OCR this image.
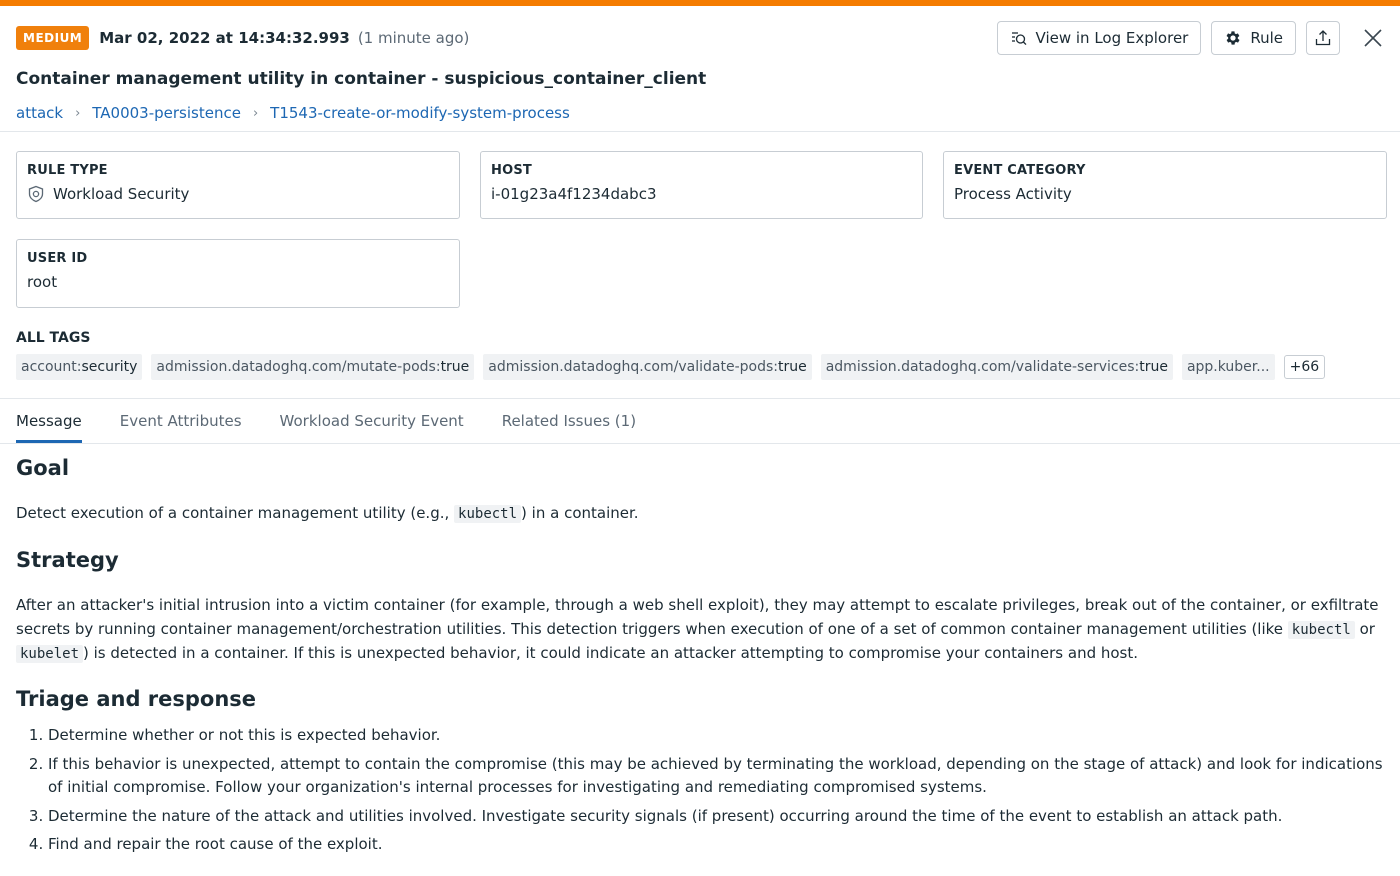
MEDIUM	Mar 02, 2022 at 14:34:32.993 (1 minute ago)	View in Log Explorer	Rule
Container management utility in container - suspicious_container_client
attack › TA0003-persistence › T1543-create-or-modify-system-process
RULE TYPE
Workload Security
HOST
i-01g23a4f1234dabc3
EVENT CATEGORY
Process Activity
USER ID
root
ALL TAGS
account:security	admission.datadoghq.com/mutate-pods:true	admission.datadoghq.com/validate-pods:true	admission.datadoghq.com/validate-services:true	app.kuber...	+66
Message	Event Attributes	Workload Security Event	Related Issues (1)
Goal

Detect execution of a container management utility (e.g., kubectl ) in a container.

Strategy

After an attacker's initial intrusion into a victim container (for example, through a web shell exploit), they may attempt to escalate privileges, break out of the container, or exfiltrate secrets by running container management/orchestration utilities. This detection triggers when execution of one of a set of common container management utilities (like kubectl or kubelet ) is detected in a container. If this is unexpected behavior, it could indicate an attacker attempting to compromise your containers and host.

Triage and response
1. Determine whether or not this is expected behavior.
2. If this behavior is unexpected, attempt to contain the compromise (this may be achieved by terminating the workload, depending on the stage of attack) and look for indications of initial compromise. Follow your organization's internal processes for investigating and remediating compromised systems.
3. Determine the nature of the attack and utilities involved. Investigate security signals (if present) occurring around the time of the event to establish an attack path.
4. Find and repair the root cause of the exploit.
